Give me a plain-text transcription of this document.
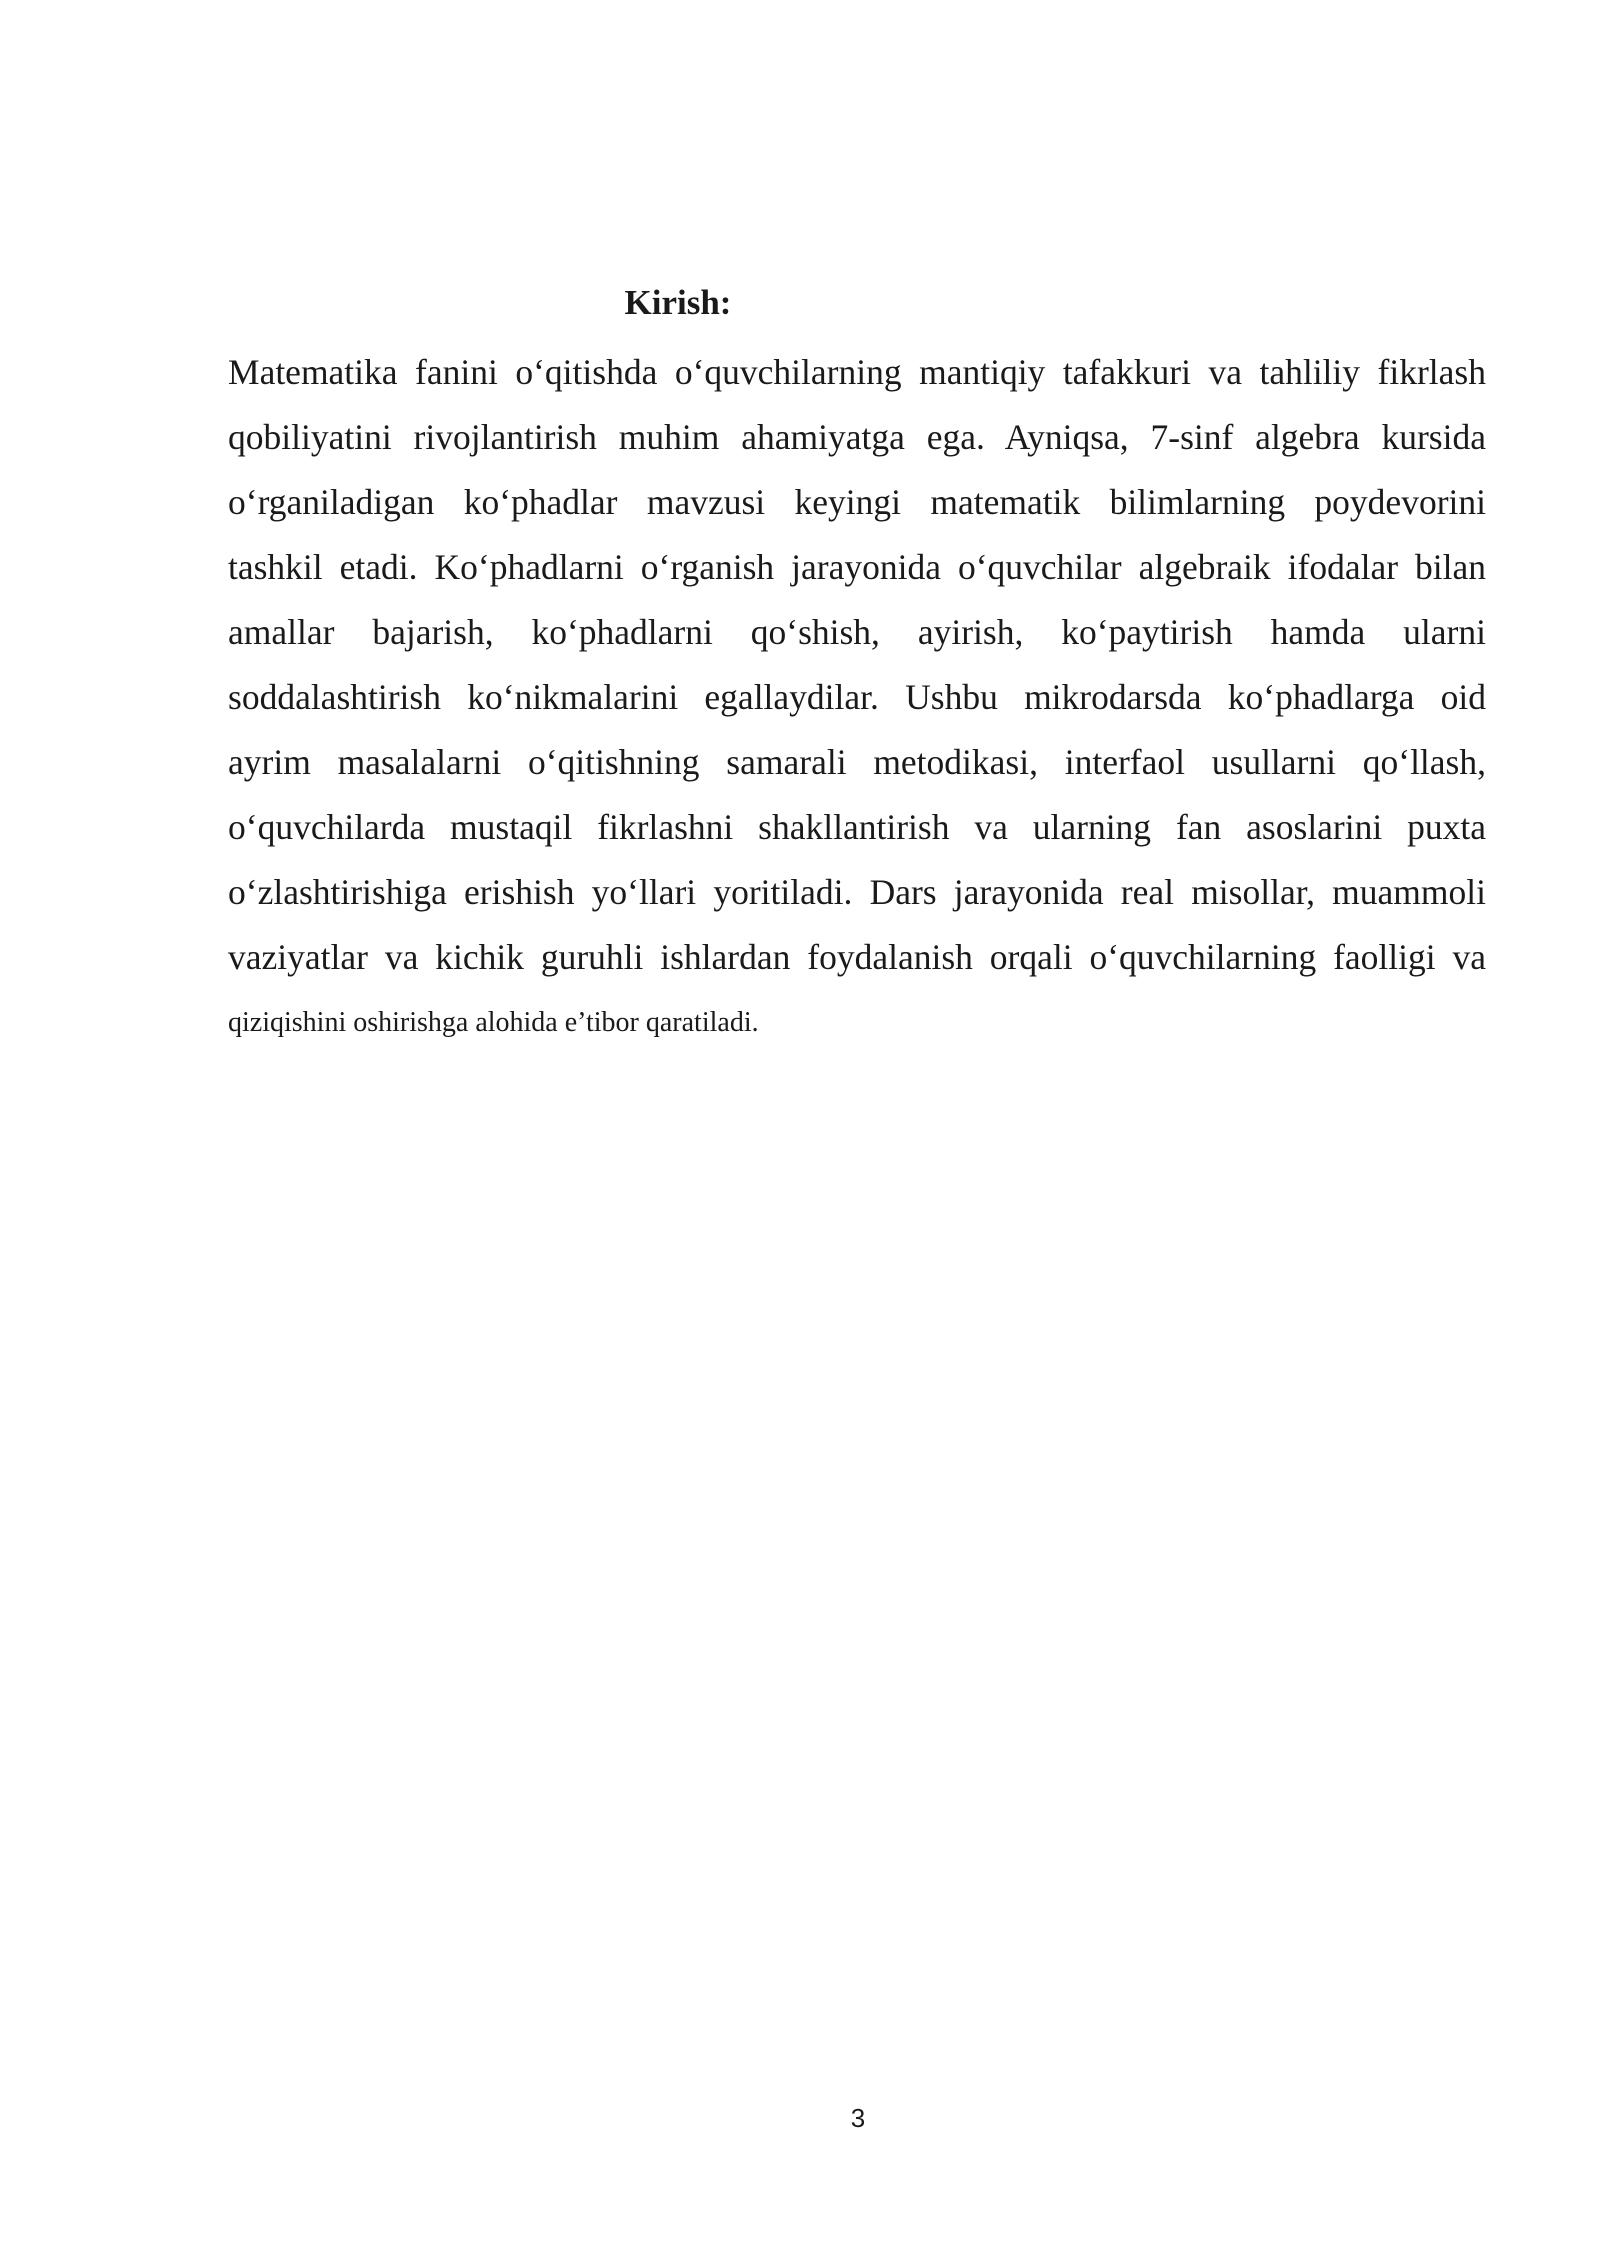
Kirish:
Matematika fanini o‘qitishda o‘quvchilarning mantiqiy tafakkuri va tahliliy fikrlash
qobiliyatini rivojlantirish muhim ahamiyatga ega. Ayniqsa, 7-sinf algebra kursida
o‘rganiladigan ko‘phadlar mavzusi keyingi matematik bilimlarning poydevorini
tashkil etadi. Ko‘phadlarni o‘rganish jarayonida o‘quvchilar algebraik ifodalar bilan
amallar bajarish, ko‘phadlarni qo‘shish, ayirish, ko‘paytirish hamda ularni
soddalashtirish ko‘nikmalarini egallaydilar. Ushbu mikrodarsda ko‘phadlarga oid
ayrim masalalarni o‘qitishning samarali metodikasi, interfaol usullarni qo‘llash,
o‘quvchilarda mustaqil fikrlashni shakllantirish va ularning fan asoslarini puxta
o‘zlashtirishiga erishish yo‘llari yoritiladi. Dars jarayonida real misollar, muammoli
vaziyatlar va kichik guruhli ishlardan foydalanish orqali o‘quvchilarning faolligi va
qiziqishini oshirishga alohida e’tibor qaratiladi.

3
